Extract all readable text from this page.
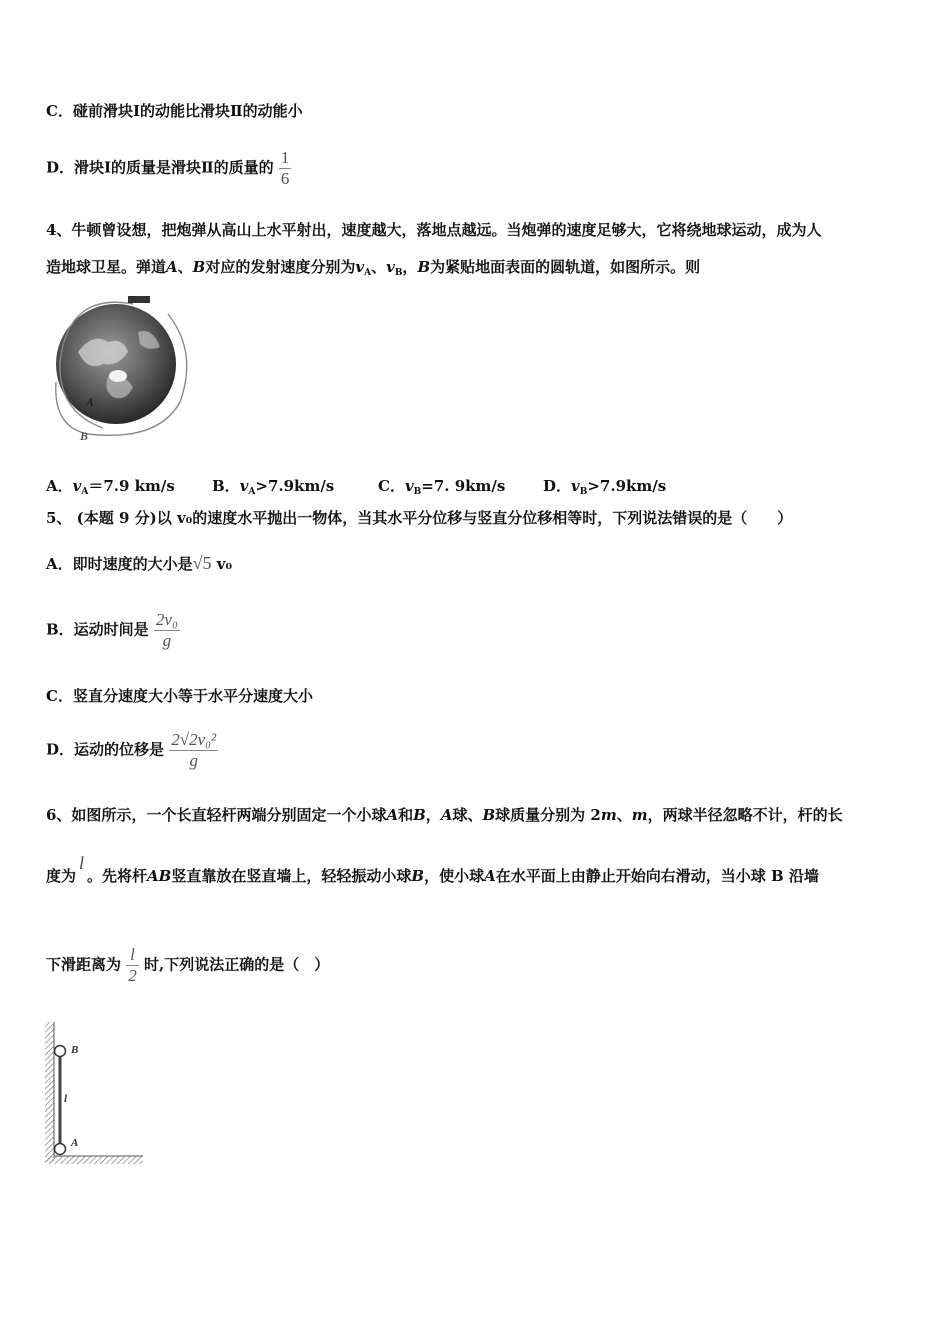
C．碰前滑块Ⅰ的动能比滑块Ⅱ的动能小
D．滑块Ⅰ的质量是滑块Ⅱ的质量的 $\frac{1}{6}$
4、牛顿曾设想，把炮弹从高山上水平射出，速度越大，落地点越远。当炮弹的速度足够大，它将绕地球运动，成为人
造地球卫星。弹道A、B对应的发射速度分别为$v_A$、$v_B$，B为紧贴地面表面的圆轨道，如图所示。则
A
B
A．$v_A=7.9$ km/s B．$v_A>7.9km/s$	C．$v_B=7$. 9km/s	D．$v_B>7.9km/s$
5、 (本题 9 分)以 v₀的速度水平抛出一物体，当其水平分位移与竖直分位移相等时，下列说法错误的是（　　）
A．即时速度的大小是√5 v₀
B．运动时间是 $\frac{\text{2v₀}}{g}$
C．竖直分速度大小等于水平分速度大小
D．运动的位移是 $\frac{\text{2√2v₀²}}{g}$
6、如图所示，一个长直轻杆两端分别固定一个小球A和B，A球、B球质量分别为 2m、m，两球半径忽略不计，杆的长
度为l。先将杆AB竖直靠放在竖直墙上，轻轻振动小球B，使小球A在水平面上由静止开始向右滑动，当小球 B 沿墙
下滑距离为 $\frac{l}{2}$ 时,下列说法正确的是（　）
B
l
A
